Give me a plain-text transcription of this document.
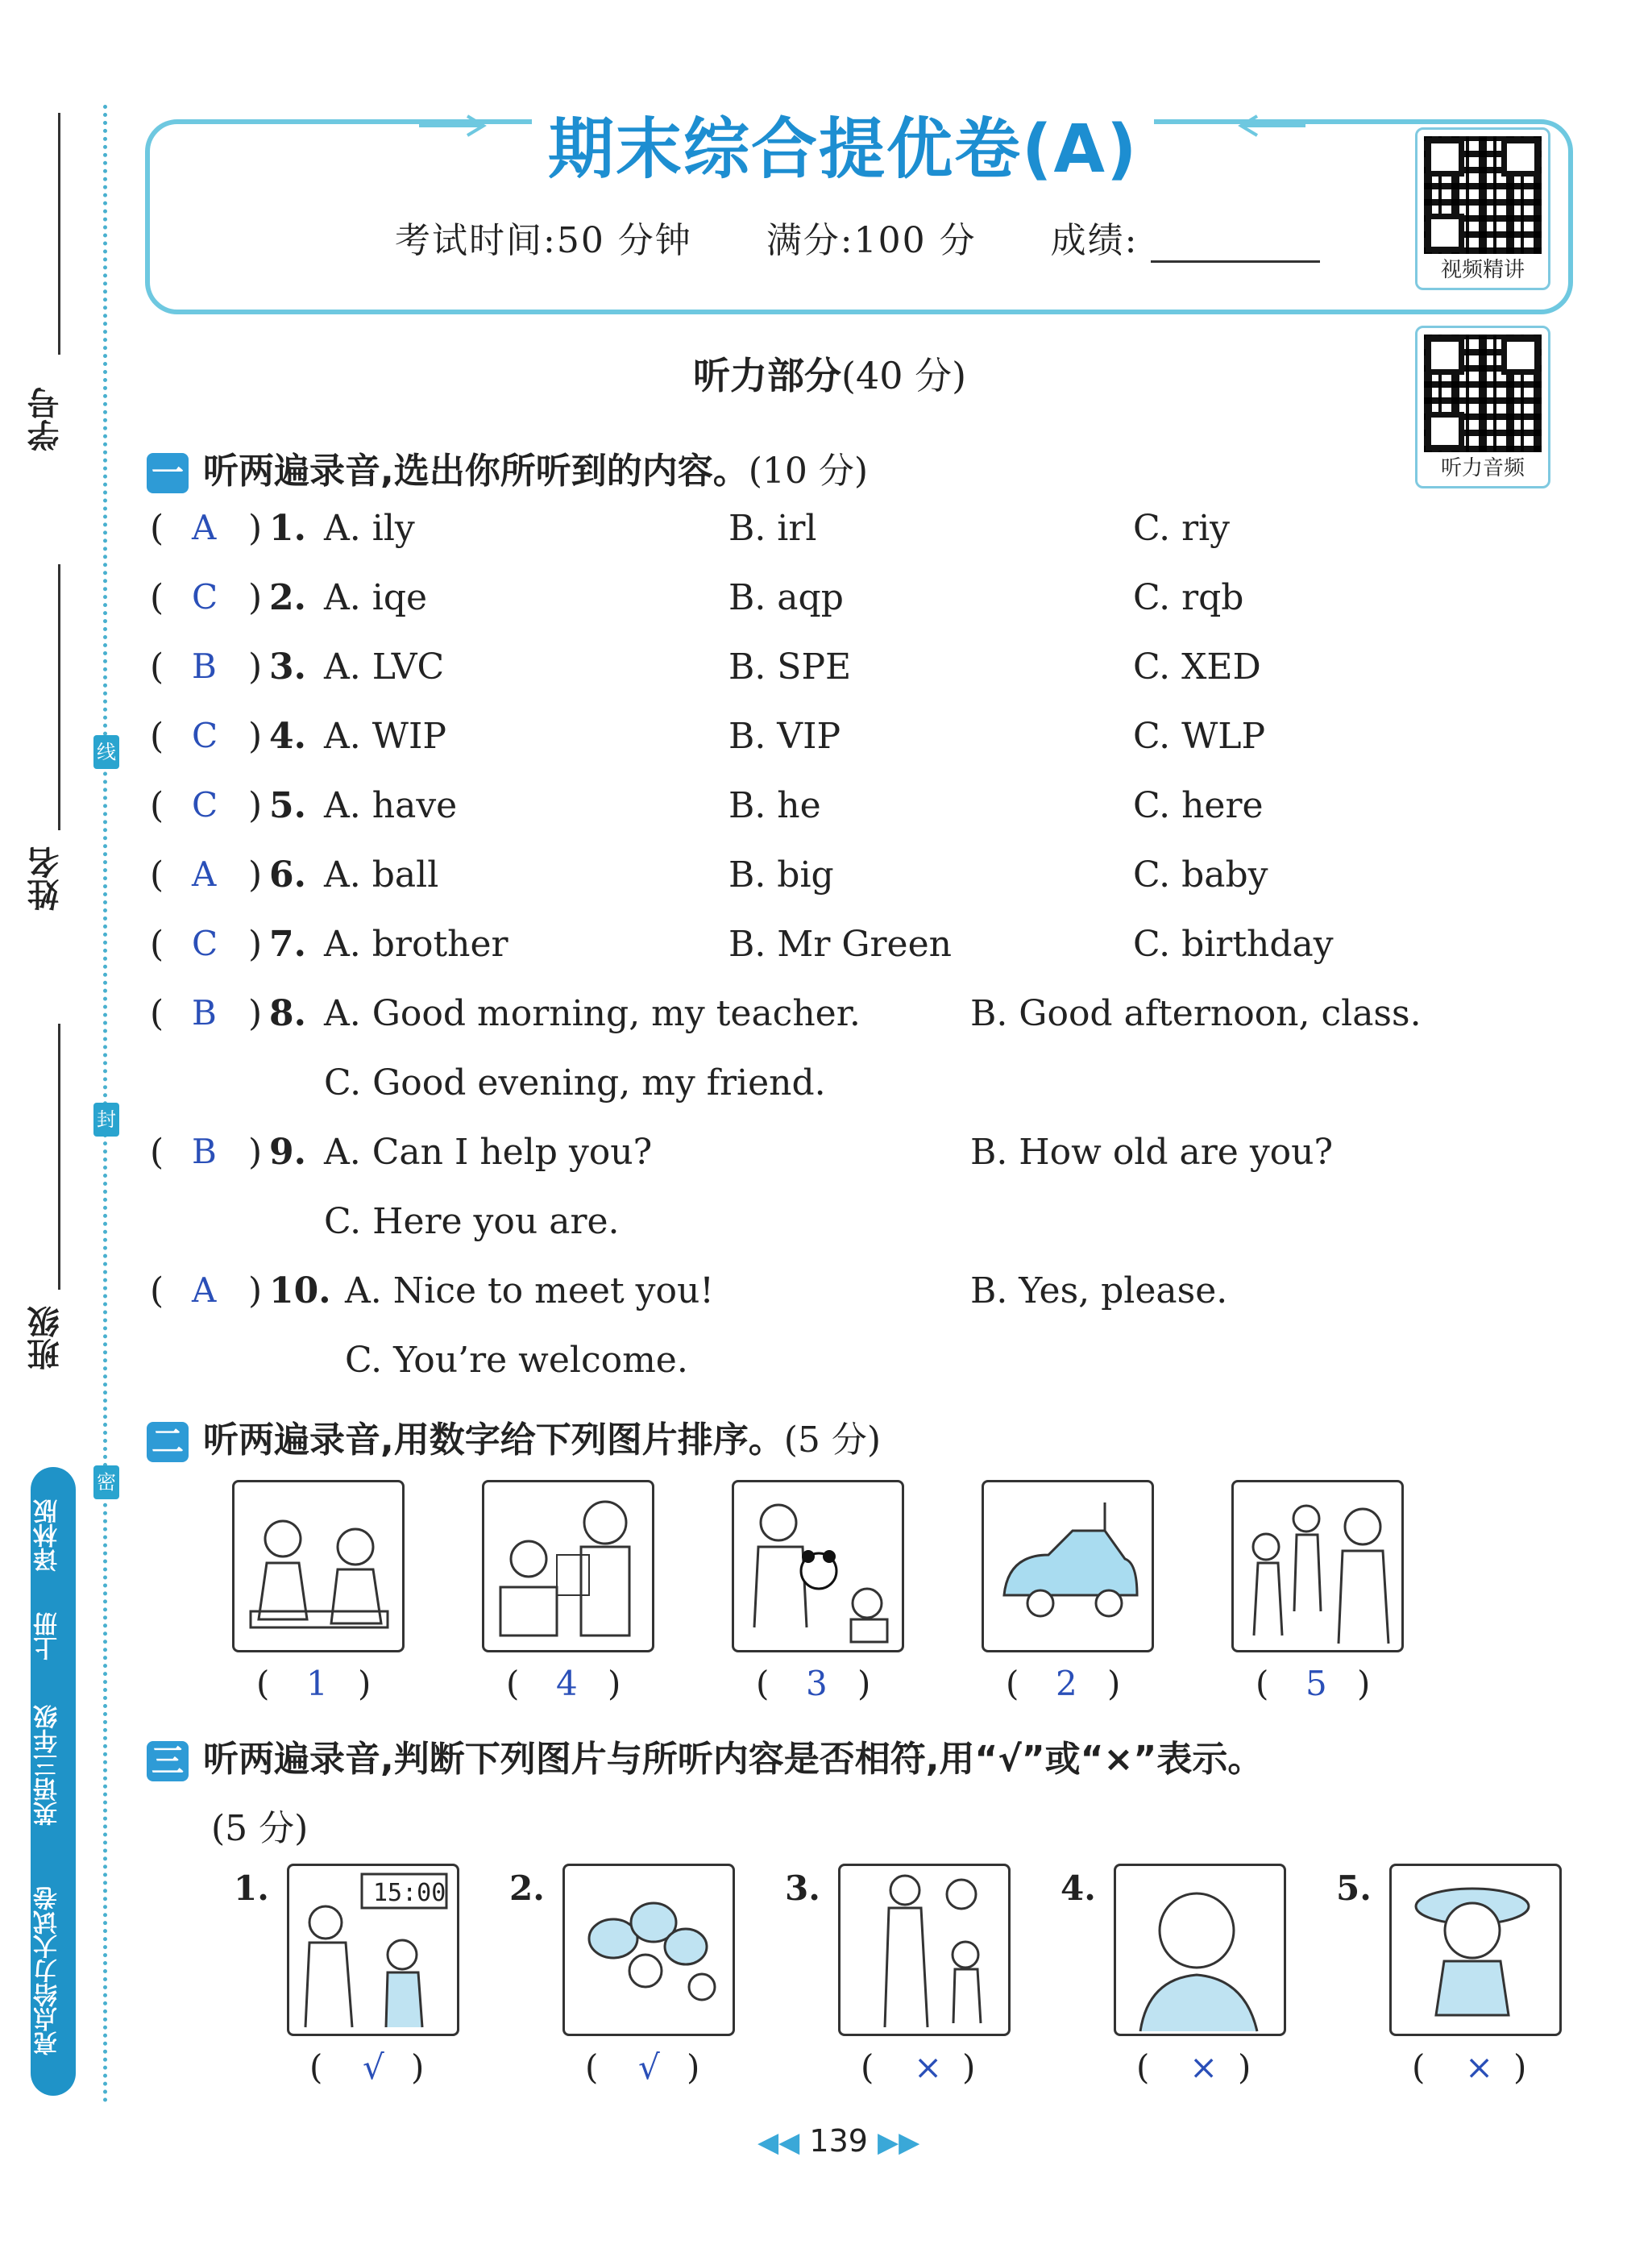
学号
姓名
班级
线
封
密
亮点给力大试卷
英语三年级
上册
译林版
期末综合提优卷(A)
考试时间:50 分钟 满分:100 分 成绩:
视频精讲
听力音频
听力部分(40 分)
一 听两遍录音,选出你所听到的内容。(10 分)
( A ) 1. A. ily	B. irl	C. riy
( C ) 2. A. iqe	B. aqp	C. rqb
( B ) 3. A. LVC	B. SPE	C. XED
( C ) 4. A. WIP	B. VIP	C. WLP
( C ) 5. A. have	B. he	C. here
( A ) 6. A. ball	B. big	C. baby
( C ) 7. A. brother	B. Mr Green	C. birthday
( B ) 8. A. Good morning, my teacher.	B. Good afternoon, class.
C. Good evening, my friend.
( B ) 9. A. Can I help you?	B. How old are you?
C. Here you are.
( A ) 10. A. Nice to meet you!	B. Yes, please.
C. You’re welcome.
二 听两遍录音,用数字给下列图片排序。(5 分)
( 1 )	( 4 )	( 3 )	( 2 )	( 5 )
三 听两遍录音,判断下列图片与所听内容是否相符,用“√”或“×”表示。
(5 分)
15:00
1.
( √ )
2.
( √ )
3.
( × )
4.
( × )
5.
( × )
◀◀ 139 ▶▶
